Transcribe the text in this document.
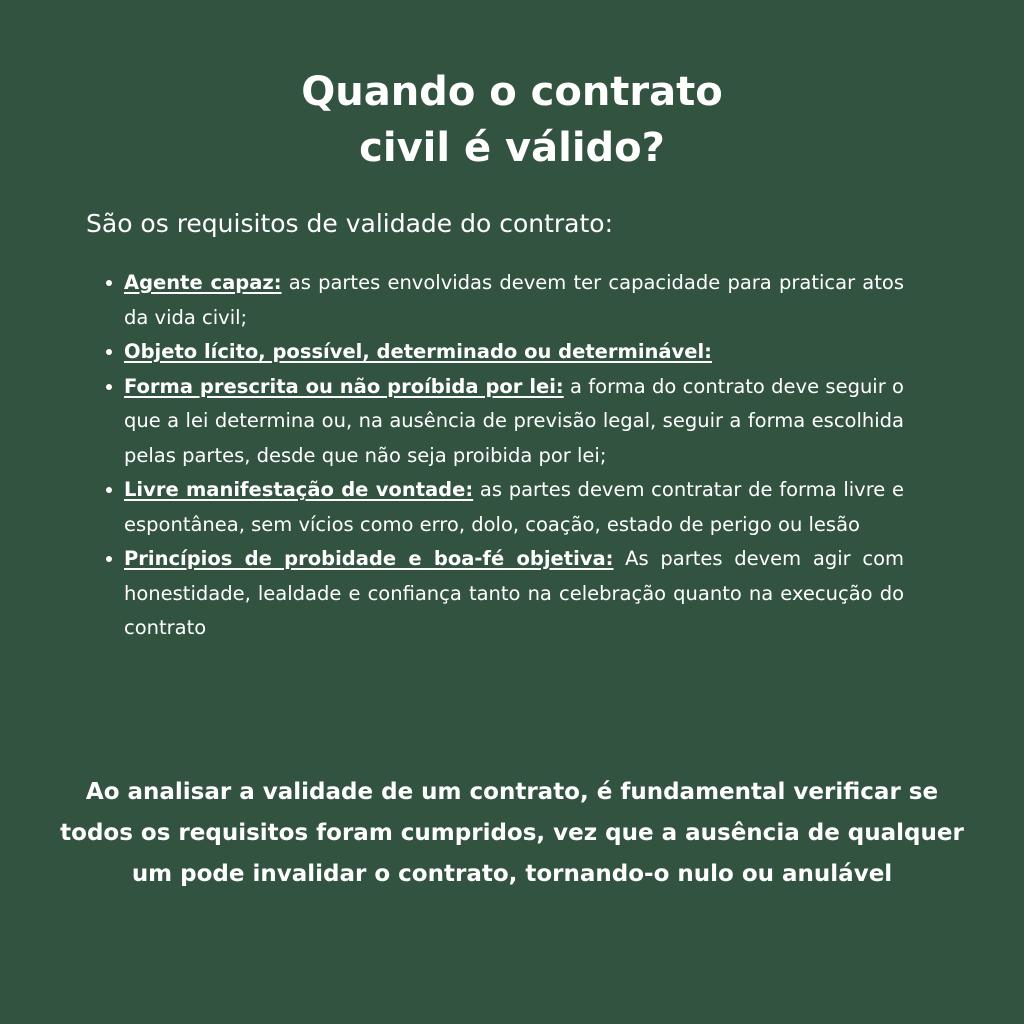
Quando o contrato
civil é válido?

São os requisitos de validade do contrato:

Agente capaz: as partes envolvidas devem ter capacidade para praticar atos da vida civil;
Objeto lícito, possível, determinado ou determinável:
Forma prescrita ou não proíbida por lei: a forma do contrato deve seguir o que a lei determina ou, na ausência de previsão legal, seguir a forma escolhida pelas partes, desde que não seja proibida por lei;
Livre manifestação de vontade: as partes devem contratar de forma livre e espontânea, sem vícios como erro, dolo, coação, estado de perigo ou lesão
Princípios de probidade e boa-fé objetiva: As partes devem agir com honestidade, lealdade e confiança tanto na celebração quanto na execução do contrato

Ao analisar a validade de um contrato, é fundamental verificar se todos os requisitos foram cumpridos, vez que a ausência de qualquer um pode invalidar o contrato, tornando-o nulo ou anulável
